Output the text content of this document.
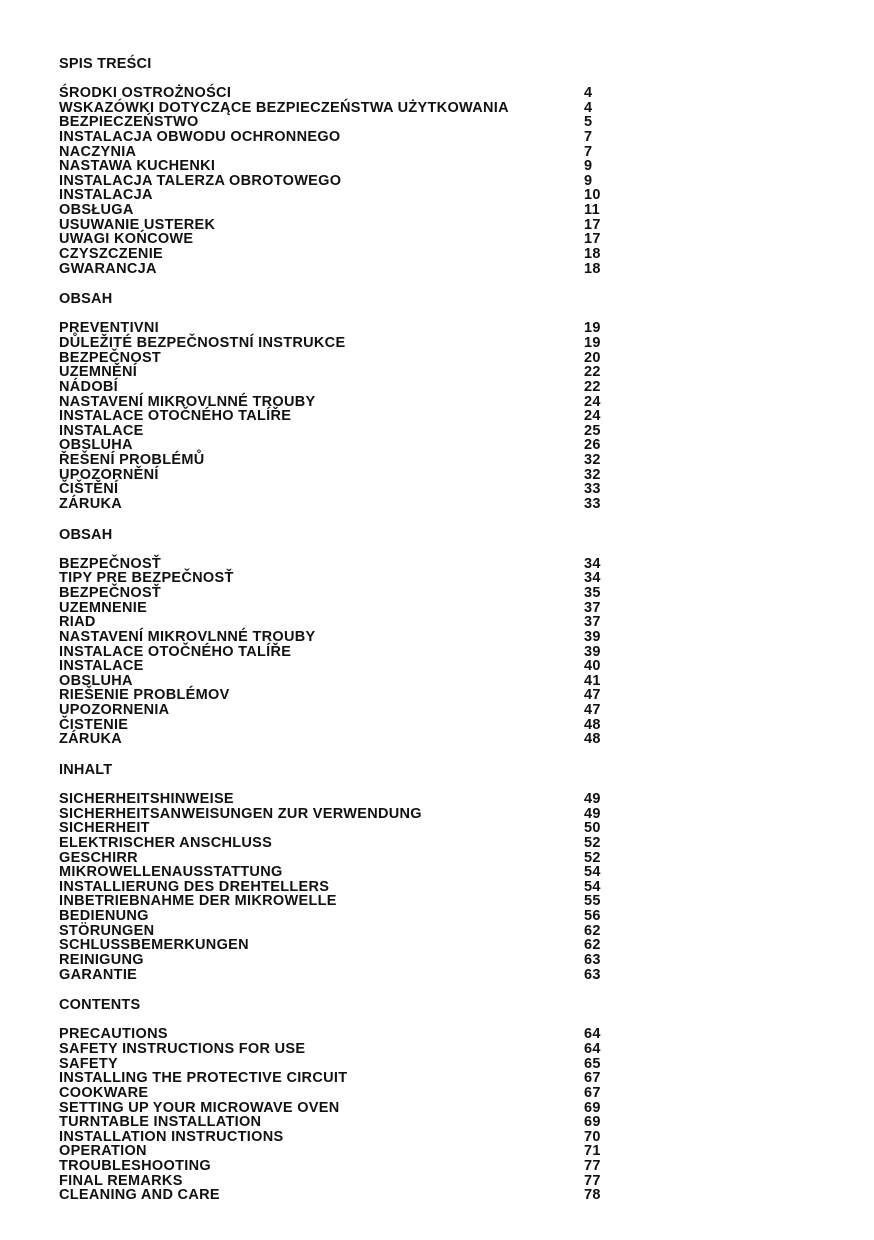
SPIS TREŚCI
ŚRODKI OSTROŻNOŚCI	4
WSKAZÓWKI DOTYCZĄCE BEZPIECZEŃSTWA UŻYTKOWANIA	4
BEZPIECZEŃSTWO	5
INSTALACJA OBWODU OCHRONNEGO	7
NACZYNIA	7
NASTAWA KUCHENKI	9
INSTALACJA TALERZA OBROTOWEGO	9
INSTALACJA	10
OBSŁUGA	11
USUWANIE USTEREK	17
UWAGI KOŃCOWE	17
CZYSZCZENIE	18
GWARANCJA	18
OBSAH
PREVENTIVNI	19
DŮLEŽITÉ BEZPEČNOSTNÍ INSTRUKCE	19
BEZPEČNOST	20
UZEMNĚNÍ	22
NÁDOBÍ	22
NASTAVENÍ MIKROVLNNÉ TROUBY	24
INSTALACE OTOČNÉHO TALÍŘE	24
INSTALACE	25
OBSLUHA	26
ŘEŠENÍ PROBLÉMŮ	32
UPOZORNĚNÍ	32
ČIŠTĚNÍ	33
ZÁRUKA	33
OBSAH
BEZPEČNOSŤ	34
TIPY PRE BEZPEČNOSŤ	34
BEZPEČNOSŤ	35
UZEMNENIE	37
RIAD	37
NASTAVENÍ MIKROVLNNÉ TROUBY	39
INSTALACE OTOČNÉHO TALÍŘE	39
INSTALACE	40
OBSLUHA	41
RIEŠENIE PROBLÉMOV	47
UPOZORNENIA	47
ČISTENIE	48
ZÁRUKA	48
INHALT
SICHERHEITSHINWEISE	49
SICHERHEITSANWEISUNGEN ZUR VERWENDUNG	49
SICHERHEIT	50
ELEKTRISCHER ANSCHLUSS	52
GESCHIRR	52
MIKROWELLENAUSSTATTUNG	54
INSTALLIERUNG DES DREHTELLERS	54
INBETRIEBNAHME DER MIKROWELLE	55
BEDIENUNG	56
STÖRUNGEN	62
SCHLUSSBEMERKUNGEN	62
REINIGUNG	63
GARANTIE	63
CONTENTS
PRECAUTIONS	64
SAFETY INSTRUCTIONS FOR USE	64
SAFETY	65
INSTALLING THE PROTECTIVE CIRCUIT	67
COOKWARE	67
SETTING UP YOUR MICROWAVE OVEN	69
TURNTABLE INSTALLATION	69
INSTALLATION INSTRUCTIONS	70
OPERATION	71
TROUBLESHOOTING	77
FINAL REMARKS	77
CLEANING AND CARE	78
